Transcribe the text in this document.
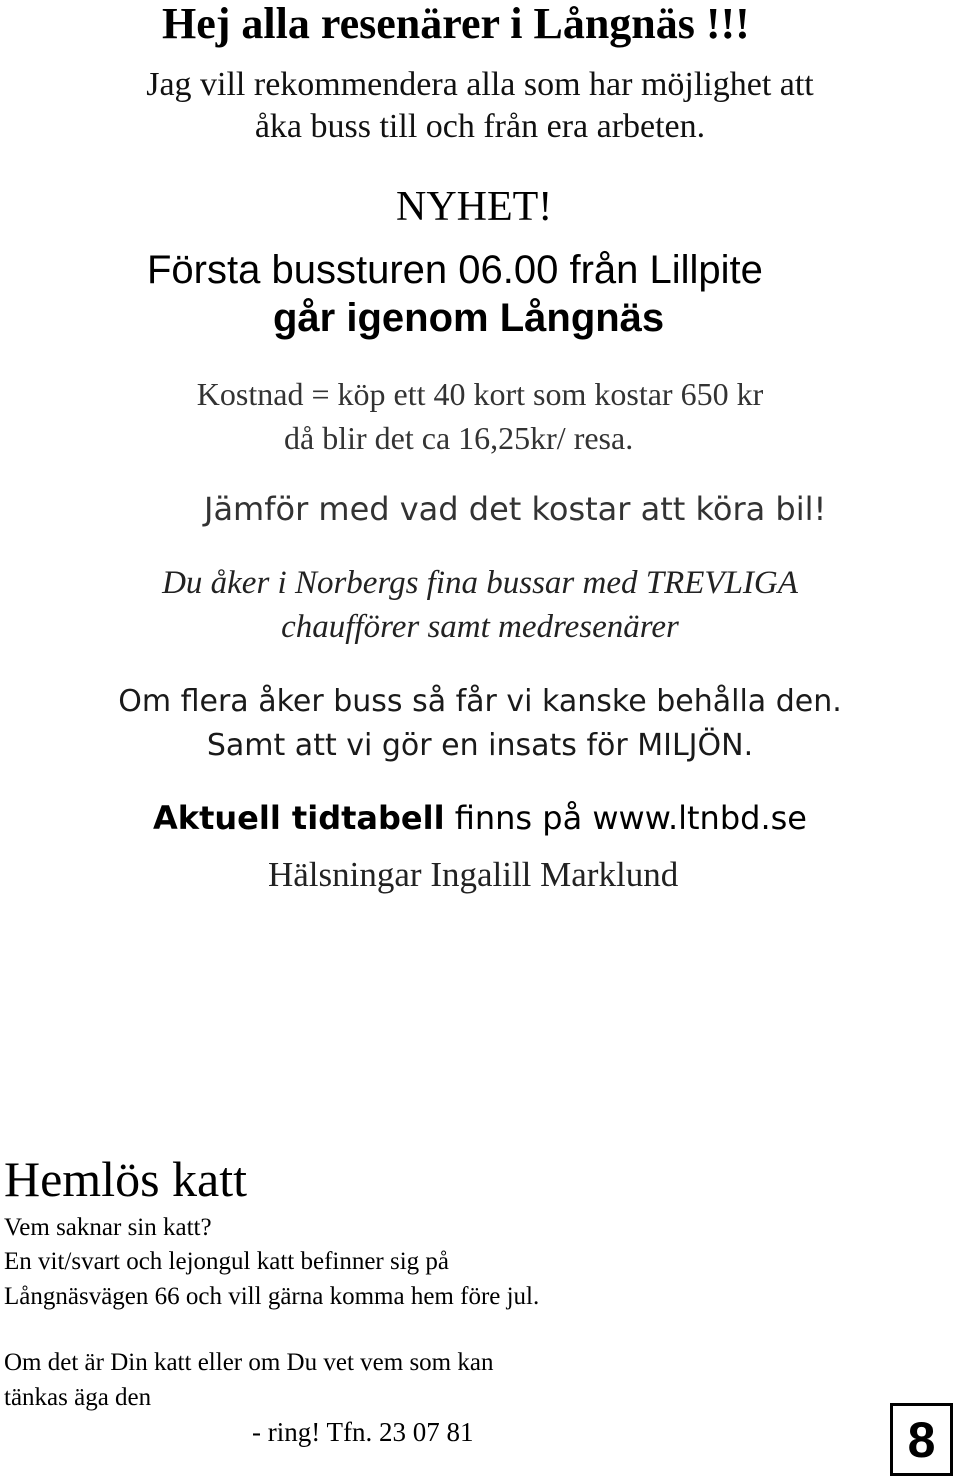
Hej alla resenärer i Långnäs !!!
Jag vill rekommendera alla som har möjlighet att
åka buss till och från era arbeten.
NYHET!
Första bussturen 06.00 från Lillpite
går igenom Långnäs
Kostnad = köp ett 40 kort som kostar 650 kr
då blir det ca 16,25kr/ resa.
Jämför med vad det kostar att köra bil!
Du åker i Norbergs fina bussar med TREVLIGA
chaufförer samt medresenärer
Om flera åker buss så får vi kanske behålla den.
Samt att vi gör en insats för MILJÖN.
Aktuell tidtabell finns på www.ltnbd.se
Hälsningar Ingalill Marklund
Hemlös katt
Vem saknar sin katt?
En vit/svart och lejongul katt befinner sig på
Långnäsvägen 66 och vill gärna komma hem före jul.
Om det är Din katt eller om Du vet vem som kan
tänkas äga den
- ring! Tfn. 23 07 81	8
